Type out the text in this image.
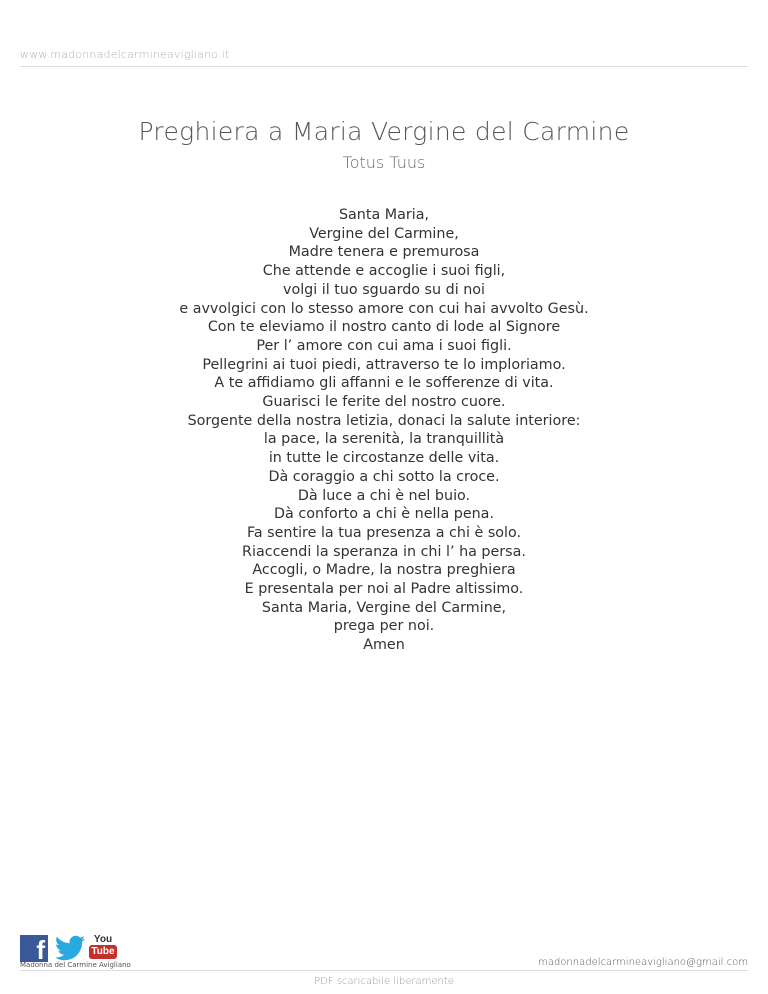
www.madonnadelcarmineavigliano.it
Preghiera a Maria Vergine del Carmine
Totus Tuus
Santa Maria,
Vergine del Carmine,
Madre tenera e premurosa
Che attende e accoglie i suoi figli,
volgi il tuo sguardo su di noi
e avvolgici con lo stesso amore con cui hai avvolto Gesù.
Con te eleviamo il nostro canto di lode al Signore
Per l’ amore con cui ama i suoi figli.
Pellegrini ai tuoi piedi, attraverso te lo imploriamo.
A te affidiamo gli affanni e le sofferenze di vita.
Guarisci le ferite del nostro cuore.
Sorgente della nostra letizia, donaci la salute interiore:
la pace, la serenità, la tranquillità
in tutte le circostanze delle vita.
Dà coraggio a chi sotto la croce.
Dà luce a chi è nel buio.
Dà conforto a chi è nella pena.
Fa sentire la tua presenza a chi è solo.
Riaccendi la speranza in chi l’ ha persa.
Accogli, o Madre, la nostra preghiera
E presentala per noi al Padre altissimo.
Santa Maria, Vergine del Carmine,
prega per noi.
Amen
f	You
Tube
Madonna del Carmine Avigliano	madonnadelcarmineavigliano@gmail.com
PDF scaricabile liberamente
